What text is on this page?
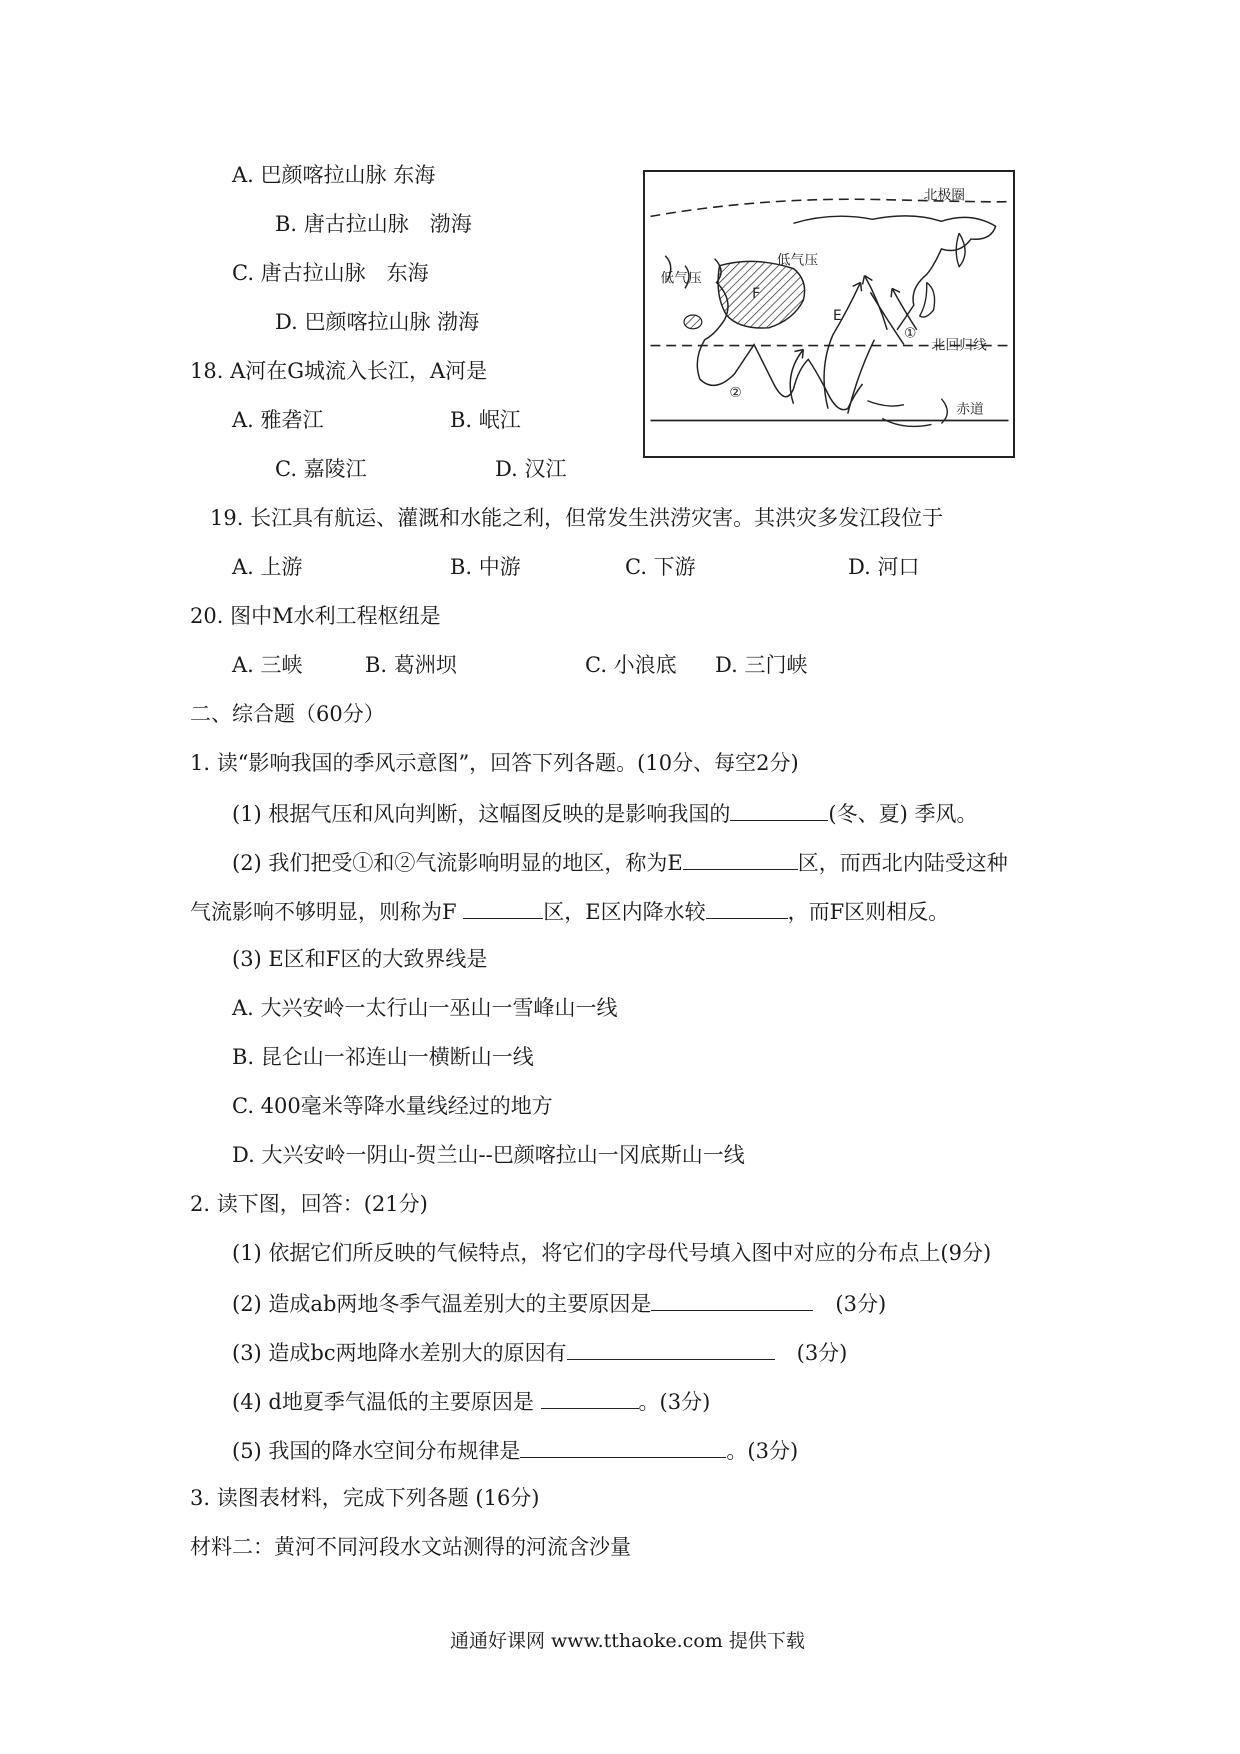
A. 巴颜喀拉山脉 东海
B. 唐古拉山脉　渤海
C. 唐古拉山脉　东海
D. 巴颜喀拉山脉 渤海
18. A河在G城流入长江，A河是
A. 雅砻江	B. 岷江
C. 嘉陵江	D. 汉江
北极圈
北回归线
赤道
低气压
低气压
E
F
①
②
19. 长江具有航运、灌溉和水能之利，但常发生洪涝灾害。其洪灾多发江段位于
A. 上游	B. 中游	C. 下游	D. 河口
20. 图中M水利工程枢纽是
A. 三峡	B. 葛洲坝	C. 小浪底 D. 三门峡
二、综合题（60分）
1. 读“影响我国的季风示意图”，回答下列各题。(10分、每空2分)
(1) 根据气压和风向判断，这幅图反映的是影响我国的	(冬、夏) 季风。
(2) 我们把受①和②气流影响明显的地区，称为E	区，而西北内陆受这种
气流影响不够明显，则称为F	区，E区内降水较	，而F区则相反。
(3) E区和F区的大致界线是
A. 大兴安岭一太行山一巫山一雪峰山一线
B. 昆仑山一祁连山一横断山一线
C. 400毫米等降水量线经过的地方
D. 大兴安岭一阴山-贺兰山--巴颜喀拉山一冈底斯山一线
2. 读下图，回答：(21分)
(1) 依据它们所反映的气候特点，将它们的字母代号填入图中对应的分布点上(9分)
(2) 造成ab两地冬季气温差别大的主要原因是	(3分)
(3) 造成bc两地降水差别大的原因有	(3分)
(4) d地夏季气温低的主要原因是	。(3分)
(5) 我国的降水空间分布规律是	。(3分)
3. 读图表材料，完成下列各题 (16分)
材料二：黄河不同河段水文站测得的河流含沙量
通通好课网 www.tthaoke.com 提供下载
